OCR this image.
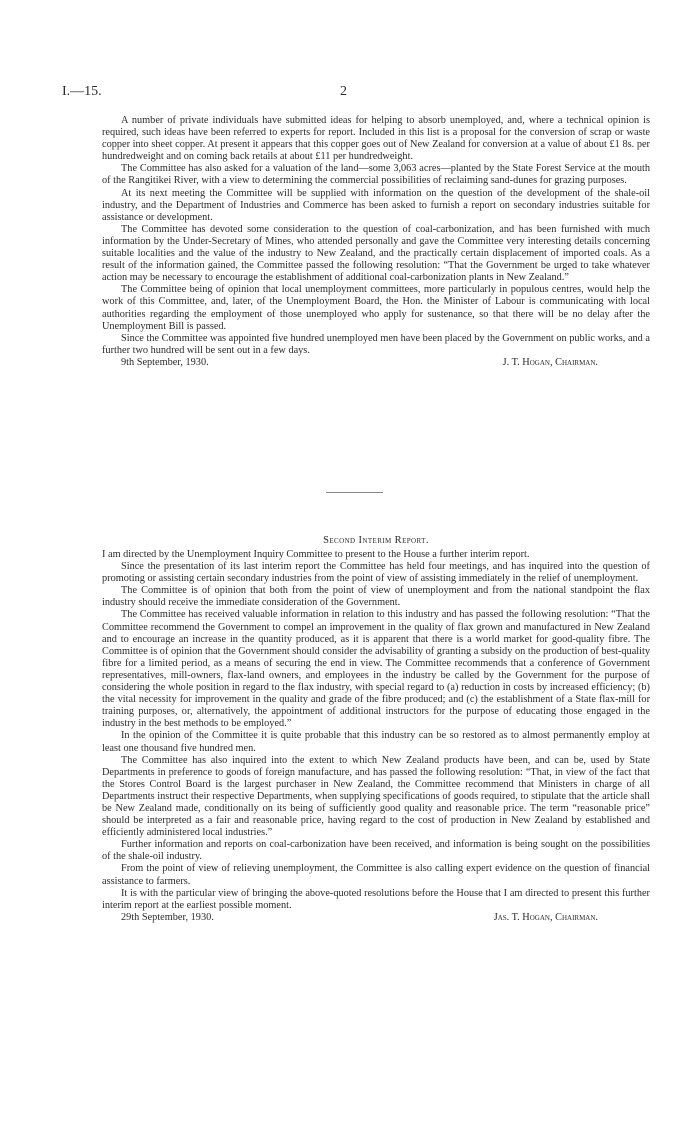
I.—15.	2

A number of private individuals have submitted ideas for helping to absorb unemployed, and, where a technical opinion is required, such ideas have been referred to experts for report. Included in this list is a proposal for the conversion of scrap or waste copper into sheet copper. At present it appears that this copper goes out of New Zealand for conversion at a value of about £1 8s. per hundredweight and on coming back retails at about £11 per hundredweight.

The Committee has also asked for a valuation of the land—some 3,063 acres—planted by the State Forest Service at the mouth of the Rangitikei River, with a view to determining the commercial possibilities of reclaiming sand-dunes for grazing purposes.

At its next meeting the Committee will be supplied with information on the question of the development of the shale-oil industry, and the Department of Industries and Commerce has been asked to furnish a report on secondary industries suitable for assistance or development.

The Committee has devoted some consideration to the question of coal-carbonization, and has been furnished with much information by the Under-Secretary of Mines, who attended personally and gave the Committee very interesting details concerning suitable localities and the value of the industry to New Zealand, and the practically certain displacement of imported coals. As a result of the information gained, the Committee passed the following resolution: “That the Government be urged to take whatever action may be necessary to encourage the establishment of additional coal-carbonization plants in New Zealand.”

The Committee being of opinion that local unemployment committees, more particularly in populous centres, would help the work of this Committee, and, later, of the Unemployment Board, the Hon. the Minister of Labour is communicating with local authorities regarding the employment of those unemployed who apply for sustenance, so that there will be no delay after the Unemployment Bill is passed.

Since the Committee was appointed five hundred unemployed men have been placed by the Government on public works, and a further two hundred will be sent out in a few days.

9th September, 1930.	J. T. Hogan, Chairman.
Second Interim Report.

I am directed by the Unemployment Inquiry Committee to present to the House a further interim report.

Since the presentation of its last interim report the Committee has held four meetings, and has inquired into the question of promoting or assisting certain secondary industries from the point of view of assisting immediately in the relief of unemployment.

The Committee is of opinion that both from the point of view of unemployment and from the national standpoint the flax industry should receive the immediate consideration of the Government.

The Committee has received valuable information in relation to this industry and has passed the following resolution: “That the Committee recommend the Government to compel an improvement in the quality of flax grown and manufactured in New Zealand and to encourage an increase in the quantity produced, as it is apparent that there is a world market for good-quality fibre. The Committee is of opinion that the Government should consider the advisability of granting a subsidy on the production of best-quality fibre for a limited period, as a means of securing the end in view. The Committee recommends that a conference of Government representatives, mill-owners, flax-land owners, and employees in the industry be called by the Government for the purpose of considering the whole position in regard to the flax industry, with special regard to (a) reduction in costs by increased efficiency; (b) the vital necessity for improvement in the quality and grade of the fibre produced; and (c) the establishment of a State flax-mill for training purposes, or, alternatively, the appointment of additional instructors for the purpose of educating those engaged in the industry in the best methods to be employed.”

In the opinion of the Committee it is quite probable that this industry can be so restored as to almost permanently employ at least one thousand five hundred men.

The Committee has also inquired into the extent to which New Zealand products have been, and can be, used by State Departments in preference to goods of foreign manufacture, and has passed the following resolution: “That, in view of the fact that the Stores Control Board is the largest purchaser in New Zealand, the Committee recommend that Ministers in charge of all Departments instruct their respective Departments, when supplying specifications of goods required, to stipulate that the article shall be New Zealand made, conditionally on its being of sufficiently good quality and reasonable price. The term “reasonable price” should be interpreted as a fair and reasonable price, having regard to the cost of production in New Zealand by established and efficiently administered local industries.”

Further information and reports on coal-carbonization have been received, and information is being sought on the possibilities of the shale-oil industry.

From the point of view of relieving unemployment, the Committee is also calling expert evidence on the question of financial assistance to farmers.

It is with the particular view of bringing the above-quoted resolutions before the House that I am directed to present this further interim report at the earliest possible moment.

29th September, 1930.	Jas. T. Hogan, Chairman.
